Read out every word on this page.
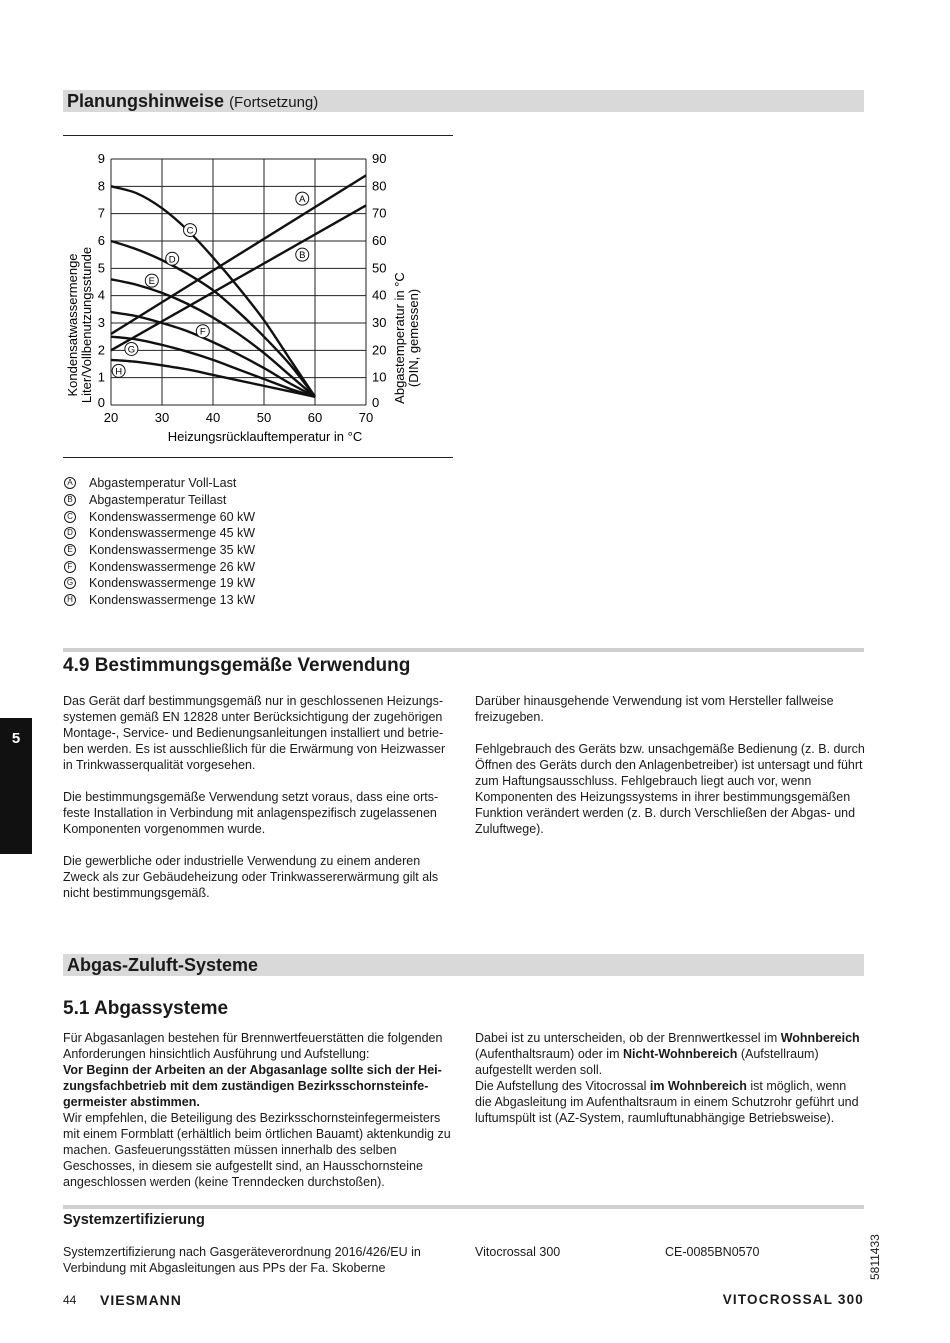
Planungshinweise (Fortsetzung)
A
B
C
D
E
F
G
H
20	30	40	50	60	70
0
1
2
3
4
5
6
7
8
9
0
10
20
30
40
50
60
70
80
90
Heizungsrücklauftemperatur in °C
Kondensatwassermenge Liter/Vollbenutzungsstunde	Abgastemperatur in °C (DIN, gemessen)
A Abgastemperatur Voll-Last
B Abgastemperatur Teillast
C Kondenswassermenge 60 kW
D Kondenswassermenge 45 kW
E Kondenswassermenge 35 kW
F Kondenswassermenge 26 kW
G Kondenswassermenge 19 kW
H Kondenswassermenge 13 kW
4.9 Bestimmungsgemäße Verwendung

Das Gerät darf bestimmungsgemäß nur in geschlossenen Heizungssystemen gemäß EN 12828 unter Berücksichtigung der zugehörigen Montage-, Service- und Bedienungsanleitungen installiert und betrieben werden. Es ist ausschließlich für die Erwärmung von Heizwasser in Trinkwasserqualität vorgesehen.

Die bestimmungsgemäße Verwendung setzt voraus, dass eine ortsfeste Installation in Verbindung mit anlagenspezifisch zugelassenen Komponenten vorgenommen wurde.

Die gewerbliche oder industrielle Verwendung zu einem anderen Zweck als zur Gebäudeheizung oder Trinkwassererwärmung gilt als nicht bestimmungsgemäß.

Darüber hinausgehende Verwendung ist vom Hersteller fallweise freizugeben.

Fehlgebrauch des Geräts bzw. unsachgemäße Bedienung (z. B. durch Öffnen des Geräts durch den Anlagenbetreiber) ist untersagt und führt zum Haftungsausschluss. Fehlgebrauch liegt auch vor, wenn Komponenten des Heizungssystems in ihrer bestimmungsgemäßen Funktion verändert werden (z. B. durch Verschließen der Abgas- und Zuluftwege).

5
Abgas-Zuluft-Systeme
5.1 Abgassysteme
Für Abgasanlagen bestehen für Brennwertfeuerstätten die folgenden Anforderungen hinsichtlich Ausführung und Aufstellung:
Vor Beginn der Arbeiten an der Abgasanlage sollte sich der Heizungsfachbetrieb mit dem zuständigen Bezirksschornsteinfegermeister abstimmen.
Wir empfehlen, die Beteiligung des Bezirksschornsteinfegermeisters mit einem Formblatt (erhältlich beim örtlichen Bauamt) aktenkundig zu machen. Gasfeuerungsstätten müssen innerhalb des selben Geschosses, in diesem sie aufgestellt sind, an Hausschornsteine angeschlossen werden (keine Trenndecken durchstoßen).
Dabei ist zu unterscheiden, ob der Brennwertkessel im Wohnbereich (Aufenthaltsraum) oder im Nicht-Wohnbereich (Aufstellraum) aufgestellt werden soll.
Die Aufstellung des Vitocrossal im Wohnbereich ist möglich, wenn die Abgasleitung im Aufenthaltsraum in einem Schutzrohr geführt und luftumspült ist (AZ-System, raumluftunabhängige Betriebsweise).
Systemzertifizierung
Systemzertifizierung nach Gasgeräteverordnung 2016/426/EU in Verbindung mit Abgasleitungen aus PPs der Fa. Skoberne
Vitocrossal 300	CE-0085BN0570	5811433
44 VIESMANN	VITOCROSSAL 300
